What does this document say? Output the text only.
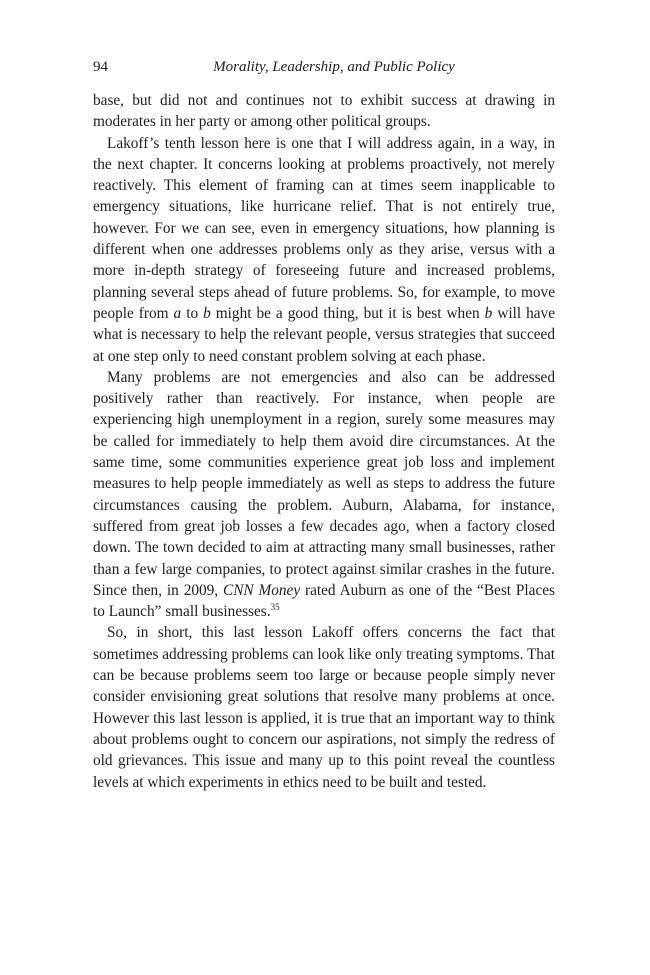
94	Morality, Leadership, and Public Policy

base, but did not and continues not to exhibit success at drawing in moderates in her party or among other political groups.

Lakoff’s tenth lesson here is one that I will address again, in a way, in the next chapter. It concerns looking at problems proactively, not merely reactively. This element of framing can at times seem inapplicable to emergency situations, like hurricane relief. That is not entirely true, however. For we can see, even in emergency situations, how planning is different when one addresses problems only as they arise, versus with a more in-depth strategy of foreseeing future and increased problems, planning several steps ahead of future problems. So, for example, to move people from a to b might be a good thing, but it is best when b will have what is necessary to help the relevant people, versus strategies that succeed at one step only to need constant problem solving at each phase.

Many problems are not emergencies and also can be addressed positively rather than reactively. For instance, when people are experiencing high unemployment in a region, surely some measures may be called for immediately to help them avoid dire circumstances. At the same time, some communities experience great job loss and implement measures to help people immediately as well as steps to address the future circumstances causing the problem. Auburn, Alabama, for instance, suffered from great job losses a few decades ago, when a factory closed down. The town decided to aim at attracting many small businesses, rather than a few large companies, to protect against similar crashes in the future. Since then, in 2009, CNN Money rated Auburn as one of the “Best Places to Launch” small businesses.$^{35}$

So, in short, this last lesson Lakoff offers concerns the fact that sometimes addressing problems can look like only treating symptoms. That can be because problems seem too large or because people simply never consider envisioning great solutions that resolve many problems at once. However this last lesson is applied, it is true that an important way to think about problems ought to concern our aspirations, not simply the redress of old grievances. This issue and many up to this point reveal the countless levels at which experiments in ethics need to be built and tested.
